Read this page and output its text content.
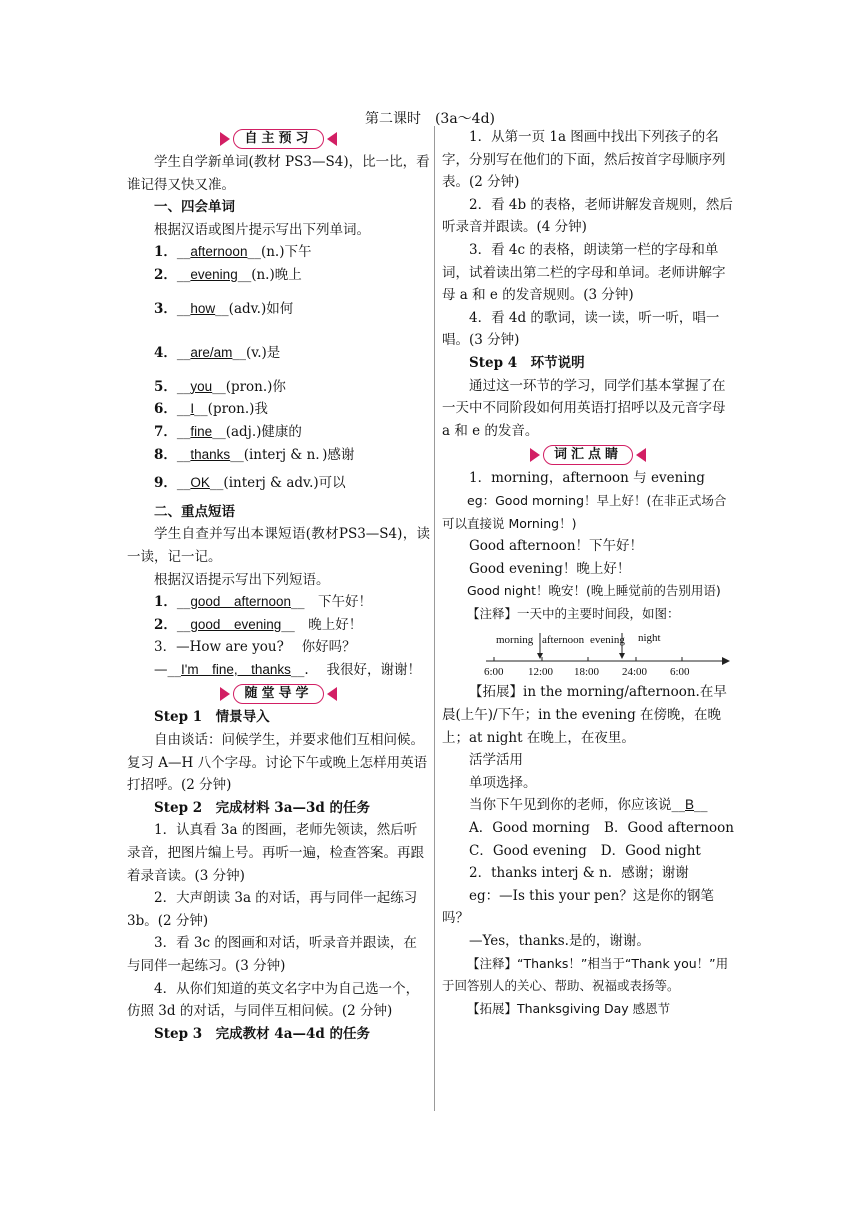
第二课时　(3a～4d)
自主预习

学生自学新单词(教材 PS3—S4)，比一比，看谁记得又快又准。

一、四会单词

根据汉语或图片提示写出下列单词。

1．__afternoon__(n.)下午

2．__evening__(n.)晚上

3．__how__(adv.)如何

4．__are/am__(v.)是

5．__you__(pron.)你

6．__I__(pron.)我

7．__fine__(adj.)健康的

8．__thanks__(interj & n．)感谢

9．__OK__(interj & adv.)可以

二、重点短语

学生自查并写出本课短语(教材PS3—S4)，读一读，记一记。

根据汉语提示写出下列短语。

1．__good　afternoon__　下午好！

2．__good　evening__　晚上好！

3．—How are you?　 你好吗？

—__I'm　fine,　thanks__.　 我很好，谢谢！

随堂导学

Step 1　情景导入

自由谈话：问候学生，并要求他们互相问候。复习 A—H 八个字母。讨论下午或晚上怎样用英语打招呼。(2 分钟)

Step 2　完成材料 3a—3d 的任务

1．认真看 3a 的图画，老师先领读，然后听录音，把图片编上号。再听一遍，检查答案。再跟着录音读。(3 分钟)

2．大声朗读 3a 的对话，再与同伴一起练习 3b。(2 分钟)

3．看 3c 的图画和对话，听录音并跟读，在与同伴一起练习。(3 分钟)

4．从你们知道的英文名字中为自己选一个，仿照 3d 的对话，与同伴互相问候。(2 分钟)

Step 3　完成教材 4a—4d 的任务

1．从第一页 1a 图画中找出下列孩子的名字，分别写在他们的下面，然后按首字母顺序列表。(2 分钟)

2．看 4b 的表格，老师讲解发音规则，然后听录音并跟读。(4 分钟)

3．看 4c 的表格，朗读第一栏的字母和单词，试着读出第二栏的字母和单词。老师讲解字母 a 和 e 的发音规则。(3 分钟)

4．看 4d 的歌词，读一读，听一听，唱一唱。(3 分钟)

Step 4　环节说明

通过这一环节的学习，同学们基本掌握了在一天中不同阶段如何用英语打招呼以及元音字母 a 和 e 的发音。

词汇点睛

1．morning，afternoon 与 evening

eg：Good morning！早上好！(在非正式场合可以直接说 Morning！)

Good afternoon！下午好！

Good evening！晚上好！

Good night！晚安！(晚上睡觉前的告别用语)

【注释】一天中的主要时间段，如图：

morning afternoon evening night
6:00 12:00 18:00 24:00 6:00

【拓展】in the morning/afternoon.在早晨(上午)/下午；in the evening 在傍晚，在晚上；at night 在晚上，在夜里。

活学活用

单项选择。

当你下午见到你的老师，你应该说__B__

A．Good morning B．Good afternoon
C．Good evening D．Good night

2．thanks interj & n．感谢；谢谢

eg：—Is this your pen？这是你的钢笔吗？

—Yes，thanks.是的，谢谢。

【注释】“Thanks！”相当于“Thank you！”用于回答别人的关心、帮助、祝福或表扬等。

【拓展】Thanksgiving Day 感恩节
